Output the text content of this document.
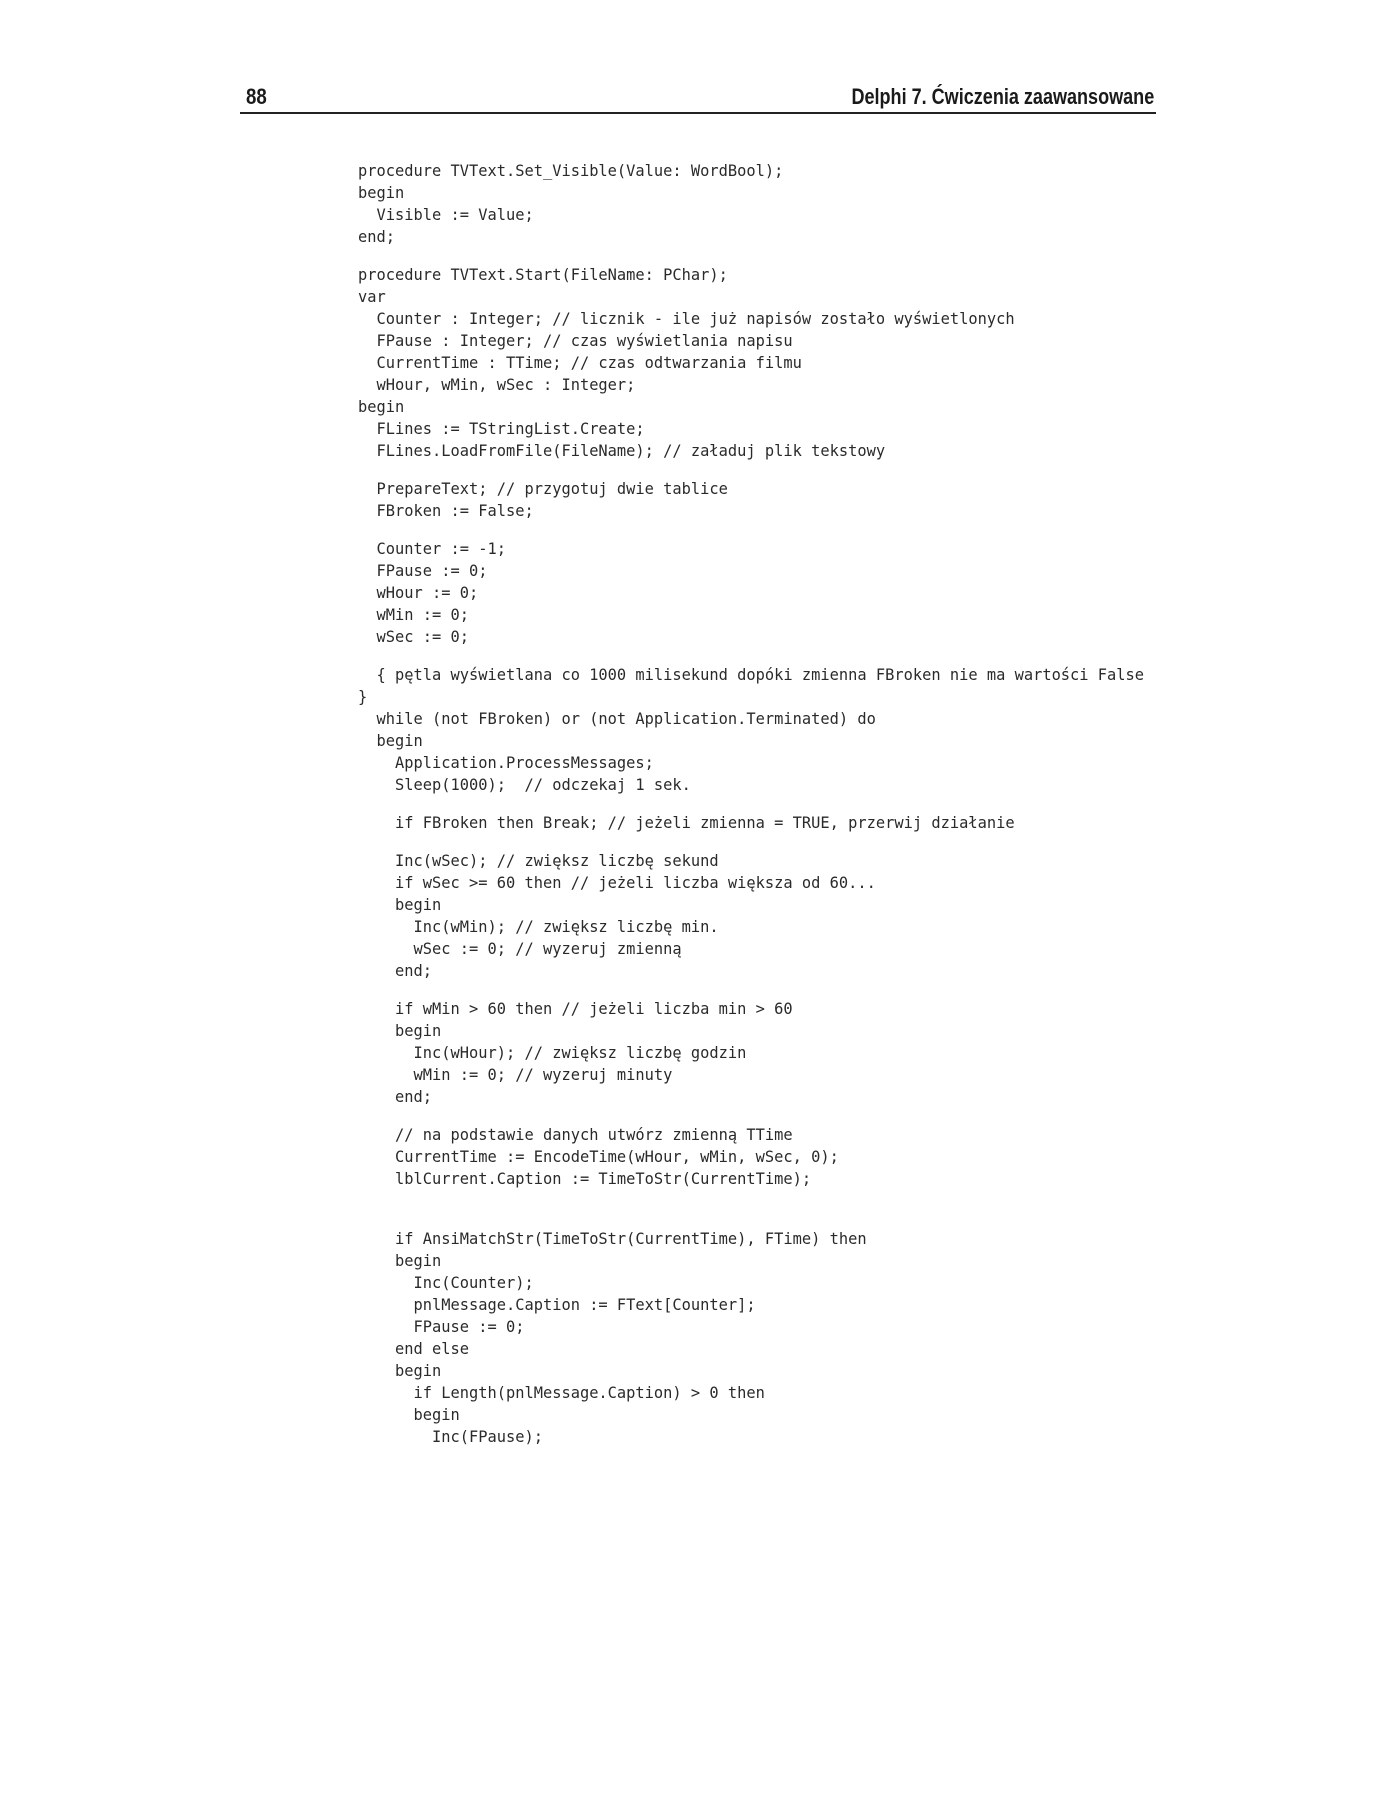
88	Delphi 7. Ćwiczenia zaawansowane
procedure TVText.Set_Visible(Value: WordBool);
begin
Visible := Value;
end;
procedure TVText.Start(FileName: PChar);
var
Counter : Integer; // licznik - ile już napisów zostało wyświetlonych
FPause : Integer; // czas wyświetlania napisu
CurrentTime : TTime; // czas odtwarzania filmu
wHour, wMin, wSec : Integer;
begin
FLines := TStringList.Create;
FLines.LoadFromFile(FileName); // załaduj plik tekstowy
PrepareText; // przygotuj dwie tablice
FBroken := False;
Counter := -1;
FPause := 0;
wHour := 0;
wMin := 0;
wSec := 0;
{ pętla wyświetlana co 1000 milisekund dopóki zmienna FBroken nie ma wartości False
}
while (not FBroken) or (not Application.Terminated) do
begin
Application.ProcessMessages;
Sleep(1000);  // odczekaj 1 sek.
if FBroken then Break; // jeżeli zmienna = TRUE, przerwij działanie
Inc(wSec); // zwiększ liczbę sekund
if wSec >= 60 then // jeżeli liczba większa od 60...
begin
Inc(wMin); // zwiększ liczbę min.
wSec := 0; // wyzeruj zmienną
end;
if wMin > 60 then // jeżeli liczba min > 60
begin
Inc(wHour); // zwiększ liczbę godzin
wMin := 0; // wyzeruj minuty
end;
// na podstawie danych utwórz zmienną TTime
CurrentTime := EncodeTime(wHour, wMin, wSec, 0);
lblCurrent.Caption := TimeToStr(CurrentTime);
if AnsiMatchStr(TimeToStr(CurrentTime), FTime) then
begin
Inc(Counter);
pnlMessage.Caption := FText[Counter];
FPause := 0;
end else
begin
if Length(pnlMessage.Caption) > 0 then
begin
Inc(FPause);
